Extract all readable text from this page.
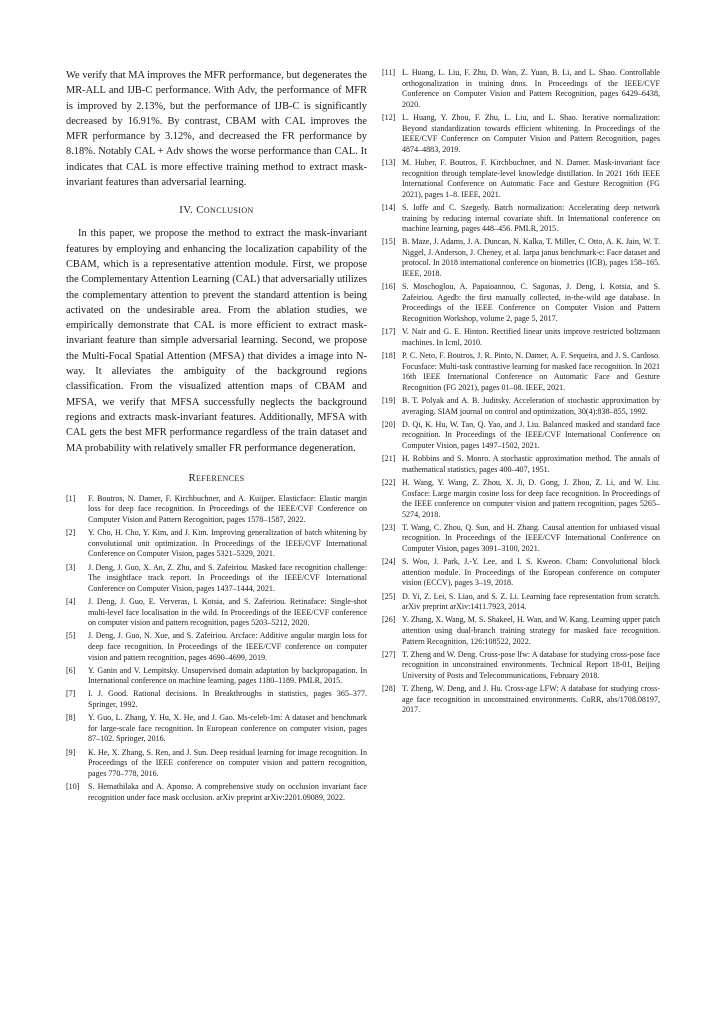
We verify that MA improves the MFR performance, but degenerates the MR-ALL and IJB-C performance. With Adv, the performance of MFR is improved by 2.13%, but the performance of IJB-C is significantly decreased by 16.91%. By contrast, CBAM with CAL improves the MFR performance by 3.12%, and decreased the FR performance by 8.18%. Notably CAL + Adv shows the worse performance than CAL. It indicates that CAL is more effective training method to extract mask-invariant features than adversarial learning.

IV. Conclusion

In this paper, we propose the method to extract the mask-invariant features by employing and enhancing the localization capability of the CBAM, which is a representative attention module. First, we propose the Complementary Attention Learning (CAL) that adversarially utilizes the complementary attention to prevent the standard attention is being activated on the undesirable area. From the ablation studies, we empirically demonstrate that CAL is more efficient to extract mask-invariant feature than simple adversarial learning. Second, we propose the Multi-Focal Spatial Attention (MFSA) that divides a image into N-way. It alleviates the ambiguity of the background regions classification. From the visualized attention maps of CBAM and MFSA, we verify that MFSA successfully neglects the background regions and extracts mask-invariant features. Additionally, MFSA with CAL gets the best MFR performance regardless of the train dataset and MA probability with relatively smaller FR performance degeneration.

References
[1]	F. Boutros, N. Damer, F. Kirchbuchner, and A. Kuijper. Elasticface: Elastic margin loss for deep face recognition. In Proceedings of the IEEE/CVF Conference on Computer Vision and Pattern Recognition, pages 1578–1587, 2022.
[2]	Y. Cho, H. Cho, Y. Kim, and J. Kim. Improving generalization of batch whitening by convolutional unit optimization. In Proceedings of the IEEE/CVF International Conference on Computer Vision, pages 5321–5329, 2021.
[3]	J. Deng, J. Guo, X. An, Z. Zhu, and S. Zafeiriou. Masked face recognition challenge: The insightface track report. In Proceedings of the IEEE/CVF International Conference on Computer Vision, pages 1437–1444, 2021.
[4]	J. Deng, J. Guo, E. Ververas, I. Kotsia, and S. Zafeiriou. Retinaface: Single-shot multi-level face localisation in the wild. In Proceedings of the IEEE/CVF conference on computer vision and pattern recognition, pages 5203–5212, 2020.
[5]	J. Deng, J. Guo, N. Xue, and S. Zafeiriou. Arcface: Additive angular margin loss for deep face recognition. In Proceedings of the IEEE/CVF conference on computer vision and pattern recognition, pages 4690–4699, 2019.
[6]	Y. Ganin and V. Lempitsky. Unsupervised domain adaptation by backpropagation. In International conference on machine learning, pages 1180–1189. PMLR, 2015.
[7]	I. J. Good. Rational decisions. In Breakthroughs in statistics, pages 365–377. Springer, 1992.
[8]	Y. Guo, L. Zhang, Y. Hu, X. He, and J. Gao. Ms-celeb-1m: A dataset and benchmark for large-scale face recognition. In European conference on computer vision, pages 87–102. Springer, 2016.
[9]	K. He, X. Zhang, S. Ren, and J. Sun. Deep residual learning for image recognition. In Proceedings of the IEEE conference on computer vision and pattern recognition, pages 770–778, 2016.
[10]	S. Hemathilaka and A. Aponso. A comprehensive study on occlusion invariant face recognition under face mask occlusion. arXiv preprint arXiv:2201.09089, 2022.
[11] L. Huang, L. Liu, F. Zhu, D. Wan, Z. Yuan, B. Li, and L. Shao. Controllable orthogonalization in training dnns. In Proceedings of the IEEE/CVF Conference on Computer Vision and Pattern Recognition, pages 6429–6438, 2020.
[12] L. Huang, Y. Zhou, F. Zhu, L. Liu, and L. Shao. Iterative normalization: Beyond standardization towards efficient whitening. In Proceedings of the IEEE/CVF Conference on Computer Vision and Pattern Recognition, pages 4874–4883, 2019.
[13] M. Huber, F. Boutros, F. Kirchbuchner, and N. Damer. Mask-invariant face recognition through template-level knowledge distillation. In 2021 16th IEEE International Conference on Automatic Face and Gesture Recognition (FG 2021), pages 1–8. IEEE, 2021.
[14] S. Ioffe and C. Szegedy. Batch normalization: Accelerating deep network training by reducing internal covariate shift. In International conference on machine learning, pages 448–456. PMLR, 2015.
[15] B. Maze, J. Adams, J. A. Duncan, N. Kalka, T. Miller, C. Otto, A. K. Jain, W. T. Niggel, J. Anderson, J. Cheney, et al. Iarpa janus benchmark-c: Face dataset and protocol. In 2018 international conference on biometrics (ICB), pages 158–165. IEEE, 2018.
[16] S. Moschoglou, A. Papaioannou, C. Sagonas, J. Deng, I. Kotsia, and S. Zafeiriou. Agedb: the first manually collected, in-the-wild age database. In Proceedings of the IEEE Conference on Computer Vision and Pattern Recognition Workshop, volume 2, page 5, 2017.
[17] V. Nair and G. E. Hinton. Rectified linear units improve restricted boltzmann machines. In Icml, 2010.
[18] P. C. Neto, F. Boutros, J. R. Pinto, N. Damer, A. F. Sequeira, and J. S. Cardoso. Focusface: Multi-task contrastive learning for masked face recognition. In 2021 16th IEEE International Conference on Automatic Face and Gesture Recognition (FG 2021), pages 01–08. IEEE, 2021.
[19] B. T. Polyak and A. B. Juditsky. Acceleration of stochastic approximation by averaging. SIAM journal on control and optimization, 30(4):838–855, 1992.
[20] D. Qi, K. Hu, W. Tan, Q. Yao, and J. Liu. Balanced masked and standard face recognition. In Proceedings of the IEEE/CVF International Conference on Computer Vision, pages 1497–1502, 2021.
[21] H. Robbins and S. Monro. A stochastic approximation method. The annals of mathematical statistics, pages 400–407, 1951.
[22] H. Wang, Y. Wang, Z. Zhou, X. Ji, D. Gong, J. Zhou, Z. Li, and W. Liu. Cosface: Large margin cosine loss for deep face recognition. In Proceedings of the IEEE conference on computer vision and pattern recognition, pages 5265–5274, 2018.
[23] T. Wang, C. Zhou, Q. Sun, and H. Zhang. Causal attention for unbiased visual recognition. In Proceedings of the IEEE/CVF International Conference on Computer Vision, pages 3091–3100, 2021.
[24] S. Woo, J. Park, J.-Y. Lee, and I. S. Kweon. Cbam: Convolutional block attention module. In Proceedings of the European conference on computer vision (ECCV), pages 3–19, 2018.
[25] D. Yi, Z. Lei, S. Liao, and S. Z. Li. Learning face representation from scratch. arXiv preprint arXiv:1411.7923, 2014.
[26] Y. Zhang, X. Wang, M. S. Shakeel, H. Wan, and W. Kang. Learning upper patch attention using dual-branch training strategy for masked face recognition. Pattern Recognition, 126:108522, 2022.
[27] T. Zheng and W. Deng. Cross-pose lfw: A database for studying cross-pose face recognition in unconstrained environments. Technical Report 18-01, Beijing University of Posts and Telecommunications, February 2018.
[28] T. Zheng, W. Deng, and J. Hu. Cross-age LFW: A database for studying cross-age face recognition in unconstrained environments. CoRR, abs/1708.08197, 2017.
